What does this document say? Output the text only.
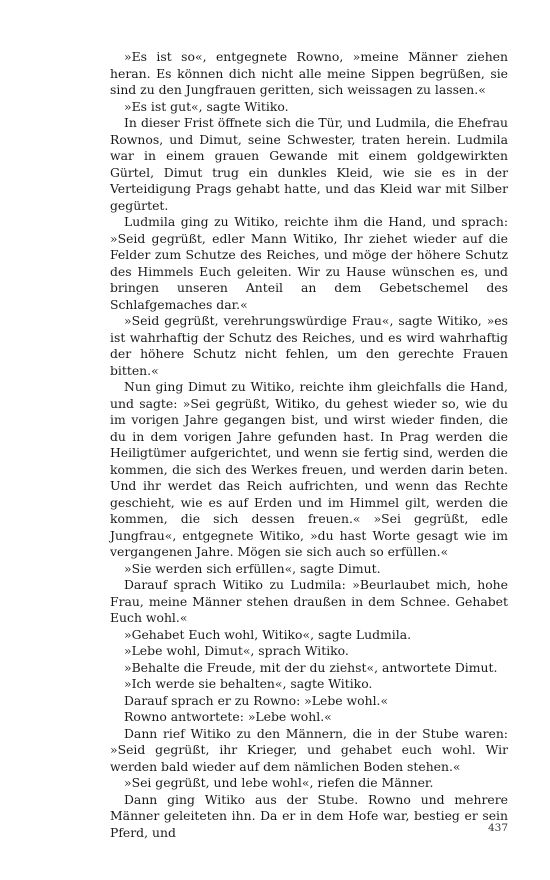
»Es ist so«, entgegnete Rowno, »meine Männer ziehen heran. Es können dich nicht alle meine Sippen begrüßen, sie sind zu den Jungfrauen geritten, sich weissagen zu lassen.«

»Es ist gut«, sagte Witiko.

In dieser Frist öffnete sich die Tür, und Ludmila, die Ehefrau Rownos, und Dimut, seine Schwester, traten herein. Ludmila war in einem grauen Gewande mit einem goldgewirkten Gürtel, Dimut trug ein dunkles Kleid, wie sie es in der Verteidigung Prags gehabt hatte, und das Kleid war mit Silber gegürtet.

Ludmila ging zu Witiko, reichte ihm die Hand, und sprach: »Seid gegrüßt, edler Mann Witiko, Ihr ziehet wieder auf die Felder zum Schutze des Reiches, und möge der höhere Schutz des Himmels Euch geleiten. Wir zu Hause wünschen es, und bringen unseren Anteil an dem Gebetschemel des Schlafgemaches dar.«

»Seid gegrüßt, verehrungswürdige Frau«, sagte Witiko, »es ist wahrhaftig der Schutz des Reiches, und es wird wahrhaftig der höhere Schutz nicht fehlen, um den gerechte Frauen bitten.«

Nun ging Dimut zu Witiko, reichte ihm gleichfalls die Hand, und sagte: »Sei gegrüßt, Witiko, du gehest wieder so, wie du im vorigen Jahre gegangen bist, und wirst wieder finden, die du in dem vorigen Jahre gefunden hast. In Prag werden die Heiligtümer aufgerichtet, und wenn sie fertig sind, werden die kommen, die sich des Werkes freuen, und werden darin beten. Und ihr werdet das Reich aufrichten, und wenn das Rechte geschieht, wie es auf Erden und im Himmel gilt, werden die kommen, die sich dessen freuen.« »Sei gegrüßt, edle Jungfrau«, entgegnete Witiko, »du hast Worte gesagt wie im vergangenen Jahre. Mögen sie sich auch so erfüllen.«

»Sie werden sich erfüllen«, sagte Dimut.

Darauf sprach Witiko zu Ludmila: »Beurlaubet mich, hohe Frau, meine Männer stehen draußen in dem Schnee. Gehabet Euch wohl.«

»Gehabet Euch wohl, Witiko«, sagte Ludmila.

»Lebe wohl, Dimut«, sprach Witiko.

»Behalte die Freude, mit der du ziehst«, antwortete Dimut.

»Ich werde sie behalten«, sagte Witiko.

Darauf sprach er zu Rowno: »Lebe wohl.«

Rowno antwortete: »Lebe wohl.«

Dann rief Witiko zu den Männern, die in der Stube waren: »Seid gegrüßt, ihr Krieger, und gehabet euch wohl. Wir werden bald wieder auf dem nämlichen Boden stehen.«

»Sei gegrüßt, und lebe wohl«, riefen die Männer.

Dann ging Witiko aus der Stube. Rowno und mehrere Männer geleiteten ihn. Da er in dem Hofe war, bestieg er sein Pferd, und	437
